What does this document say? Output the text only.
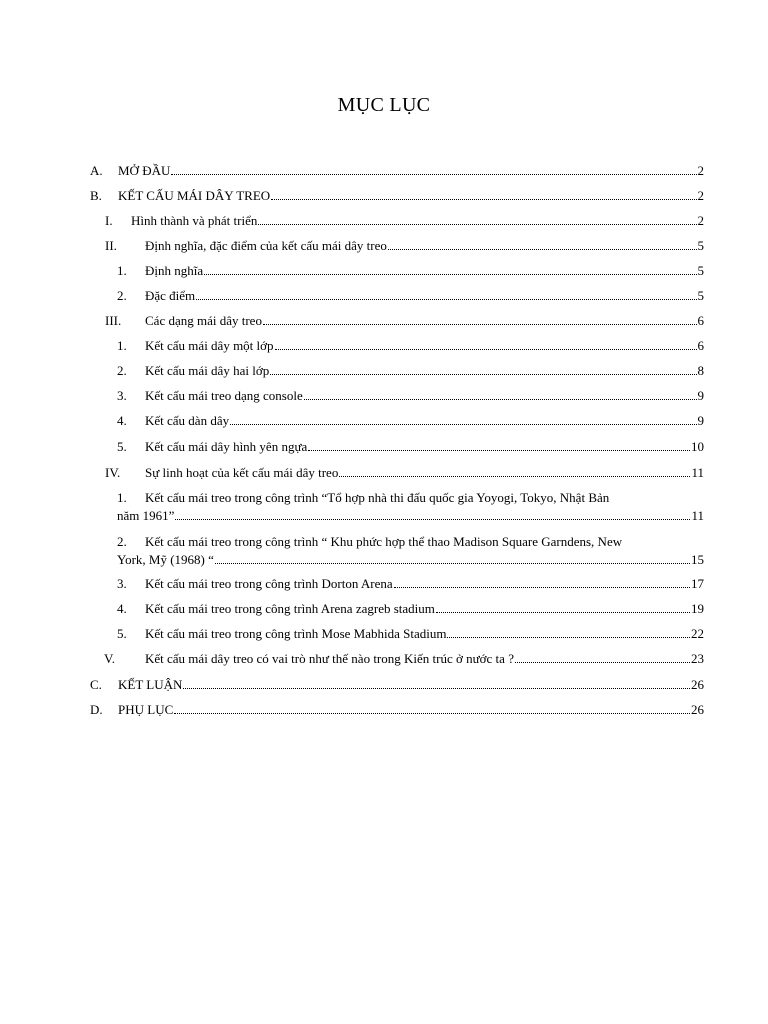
MỤC LỤC
A.	MỞ ĐẦU	2
B.	KẾT CẤU MÁI DÂY TREO	2
I.	Hình thành và phát triển	2
II.	Định nghĩa, đặc điểm của kết cấu mái dây treo	5
1.	Định nghĩa	5
2.	Đặc điểm	5
III.	Các dạng mái dây treo	6
1.	Kết cấu mái dây một lớp	6
2.	Kết cấu mái dây hai lớp	8
3.	Kết cấu mái treo dạng console	9
4.	Kết cấu dàn dây	9
5.	Kết cấu mái dây hình yên ngựa	10
IV.	Sự linh hoạt của kết cấu mái dây treo	11
1. Kết cấu mái treo trong công trình “Tổ hợp nhà thi đấu quốc gia Yoyogi, Tokyo, Nhật Bản
năm 1961”	11
2. Kết cấu mái treo trong công trình “ Khu phức hợp thể thao Madison Square Garndens, New
York, Mỹ (1968) “	15
3.	Kết cấu mái treo trong công trình Dorton Arena	17
4.	Kết cấu mái treo trong công trình Arena zagreb stadium	19
5.	Kết cấu mái treo trong công trình Mose Mabhida Stadium	22
V.	Kết cấu mái dây treo có vai trò như thế nào trong Kiến trúc ở nước ta ?	23
C.	KẾT LUẬN	26
D.	PHỤ LỤC	26
